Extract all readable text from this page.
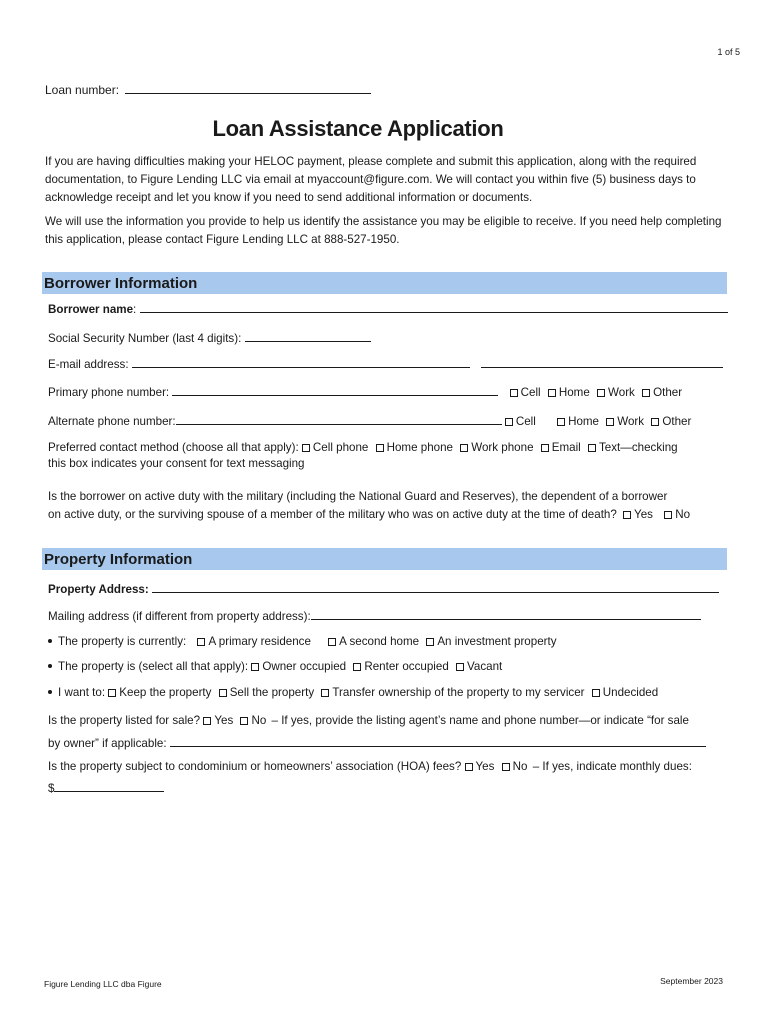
1 of 5
Loan number:
Loan Assistance Application
If you are having difficulties making your HELOC payment, please complete and submit this application, along with the required documentation, to Figure Lending LLC via email at myaccount@figure.com. We will contact you within five (5) business days to acknowledge receipt and let you know if you need to send additional information or documents.
We will use the information you provide to help us identify the assistance you may be eligible to receive. If you need help completing this application, please contact Figure Lending LLC at 888-527-1950.
Borrower Information
Borrower name:
Social Security Number (last 4 digits):
E-mail address:
Primary phone number:	Cell Home Work Other
Alternate phone number:	Cell	Home Work Other
Preferred contact method (choose all that apply): Cell phone Home phone Work phone Email Text—checking
this box indicates your consent for text messaging
Is the borrower on active duty with the military (including the National Guard and Reserves), the dependent of a borrower
on active duty, or the surviving spouse of a member of the military who was on active duty at the time of death? Yes No
Property Information
Property Address:
Mailing address (if different from property address):
The property is currently: A primary residence A second home An investment property
The property is (select all that apply): Owner occupied Renter occupied Vacant
I want to: Keep the property Sell the property Transfer ownership of the property to my servicer Undecided
Is the property listed for sale? Yes No – If yes, provide the listing agent’s name and phone number—or indicate “for sale
by owner” if applicable:
Is the property subject to condominium or homeowners’ association (HOA) fees? Yes No – If yes, indicate monthly dues:
$
Figure Lending LLC dba Figure	September 2023
